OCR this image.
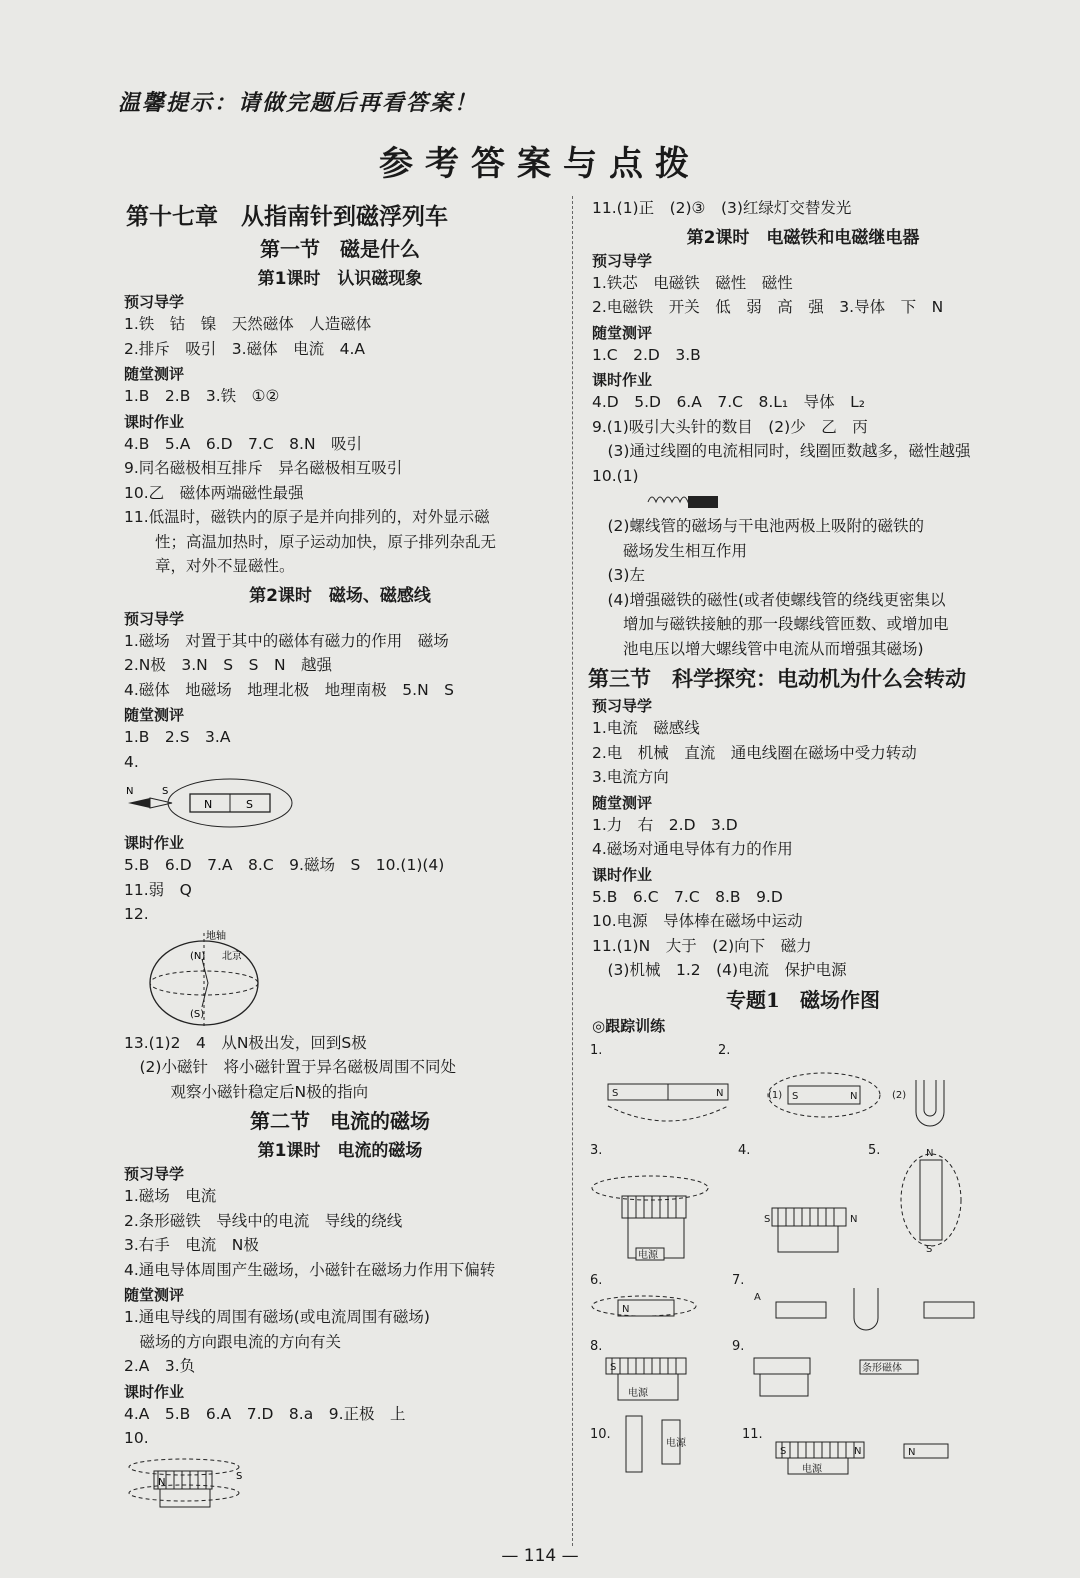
温馨提示：请做完题后再看答案！
参考答案与点拨
第十七章　从指南针到磁浮列车
第一节　磁是什么
第1课时　认识磁现象
预习导学
1.铁　钴　镍　天然磁体　人造磁体
2.排斥　吸引　3.磁体　电流　4.A
随堂测评
1.B　2.B　3.铁　①②
课时作业
4.B　5.A　6.D　7.C　8.N　吸引
9.同名磁极相互排斥　异名磁极相互吸引
10.乙　磁体两端磁性最强
11.低温时，磁铁内的原子是并向排列的，对外显示磁
　　性；高温加热时，原子运动加快，原子排列杂乱无
　　章，对外不显磁性。
第2课时　磁场、磁感线
预习导学
1.磁场　对置于其中的磁体有磁力的作用　磁场
2.N极　3.N　S　S　N　越强
4.磁体　地磁场　地理北极　地理南极　5.N　S
随堂测评
1.B　2.S　3.A
4.
N	S
N	S
课时作业
5.B　6.D　7.A　8.C　9.磁场　S　10.(1)(4)
11.弱　Q
12.
地轴
(N) 北京
(S)
13.(1)2　4　从N极出发，回到S极
　(2)小磁针　将小磁针置于异名磁极周围不同处
　　　观察小磁针稳定后N极的指向
第二节　电流的磁场
第1课时　电流的磁场
预习导学
1.磁场　电流
2.条形磁铁　导线中的电流　导线的绕线
3.右手　电流　N极
4.通电导体周围产生磁场，小磁针在磁场力作用下偏转
随堂测评
1.通电导线的周围有磁场(或电流周围有磁场)
　磁场的方向跟电流的方向有关
2.A　3.负
课时作业
4.A　5.B　6.A　7.D　8.a　9.正极　上
10.
N
S
11.(1)正　(2)③　(3)红绿灯交替发光
第2课时　电磁铁和电磁继电器
预习导学
1.铁芯　电磁铁　磁性　磁性
2.电磁铁　开关　低　弱　高　强　3.导体　下　N
随堂测评
1.C　2.D　3.B
课时作业
4.D　5.D　6.A　7.C　8.L₁　导体　L₂
9.(1)吸引大头针的数目　(2)少　乙　丙
　(3)通过线圈的电流相同时，线圈匝数越多，磁性越强
10.(1)
　(2)螺线管的磁场与干电池两极上吸附的磁铁的
　　磁场发生相互作用
　(3)左
　(4)增强磁铁的磁性(或者使螺线管的绕线更密集以
　　增加与磁铁接触的那一段螺线管匝数、或增加电
　　池电压以增大螺线管中电流从而增强其磁场)
第三节　科学探究：电动机为什么会转动
预习导学
1.电流　磁感线
2.电　机械　直流　通电线圈在磁场中受力转动
3.电流方向
随堂测评
1.力　右　2.D　3.D
4.磁场对通电导体有力的作用
课时作业
5.B　6.C　7.C　8.B　9.D
10.电源　导体棒在磁场中运动
11.(1)N　大于　(2)向下　磁力
　(3)机械　1.2　(4)电流　保护电源
专题1　磁场作图
◎跟踪训练
1.	2.
3.	4.	5.
6.	7.
8.	9.
10.	11.
S	N	(1) S	N	(2)
电源
S	N
N
S
N
A
S
电源
条形磁体
电源
S	N	N
电源
— 114 —
